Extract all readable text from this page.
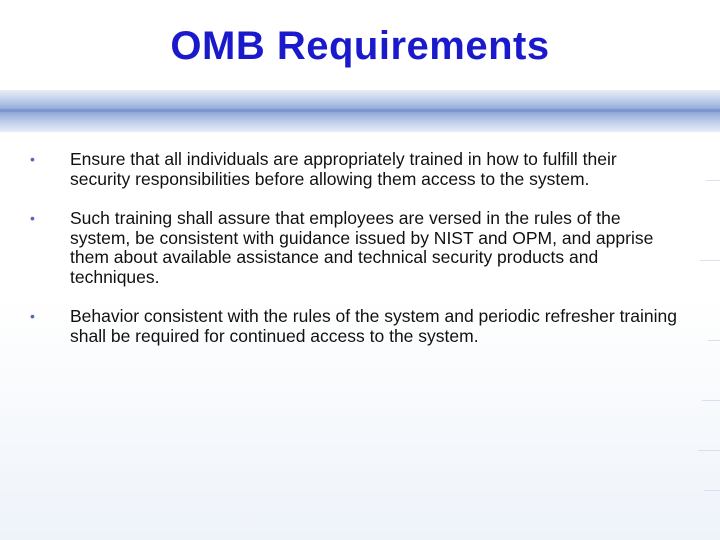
OMB Requirements
• Ensure that all individuals are appropriately trained in how to fulfill their security responsibilities before allowing them access to the system.
• Such training shall assure that employees are versed in the rules of the system, be consistent with guidance issued by NIST and OPM, and apprise them about available assistance and technical security products and techniques.
• Behavior consistent with the rules of the system and periodic refresher training shall be required for continued access to the system.
